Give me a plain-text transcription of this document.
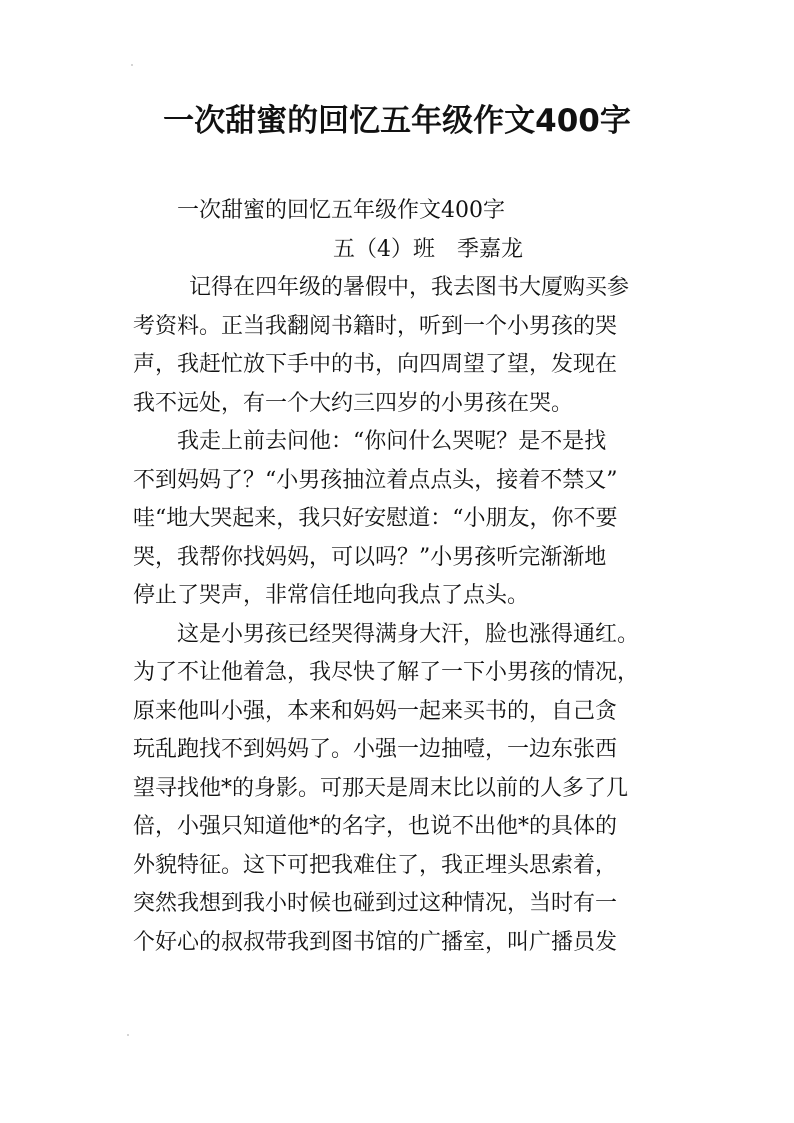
一次甜蜜的回忆五年级作文400字
一次甜蜜的回忆五年级作文400字
五（4）班　季嘉龙
记得在四年级的暑假中，我去图书大厦购买参
考资料。正当我翻阅书籍时，听到一个小男孩的哭
声，我赶忙放下手中的书，向四周望了望，发现在
我不远处，有一个大约三四岁的小男孩在哭。
我走上前去问他：“你问什么哭呢？是不是找
不到妈妈了？“小男孩抽泣着点点头，接着不禁又”
哇“地大哭起来，我只好安慰道：“小朋友，你不要
哭，我帮你找妈妈，可以吗？”小男孩听完渐渐地
停止了哭声，非常信任地向我点了点头。
这是小男孩已经哭得满身大汗，脸也涨得通红。
为了不让他着急，我尽快了解了一下小男孩的情况，
原来他叫小强，本来和妈妈一起来买书的，自己贪
玩乱跑找不到妈妈了。小强一边抽噎，一边东张西
望寻找他*的身影。可那天是周末比以前的人多了几
倍，小强只知道他*的名字，也说不出他*的具体的
外貌特征。这下可把我难住了，我正埋头思索着，
突然我想到我小时候也碰到过这种情况，当时有一
个好心的叔叔带我到图书馆的广播室，叫广播员发
